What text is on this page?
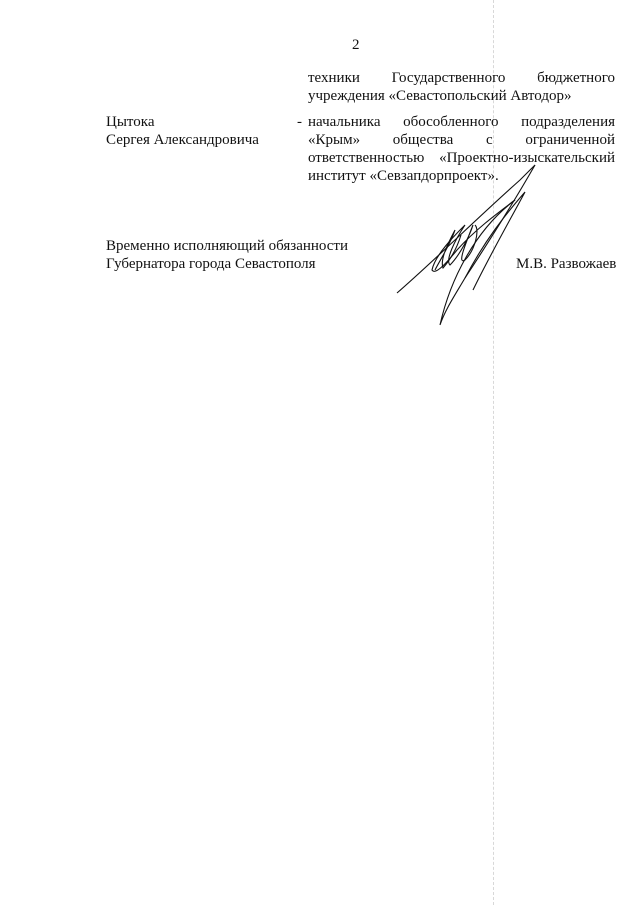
2
техники Государственного бюджетного
учреждения «Севастопольский Автодор»
Цытока
Сергея Александровича
- начальника обособленного подразделения
«Крым» общества с ограниченной
ответственностью «Проектно-изыскательский
институт «Севзапдорпроект».
Временно исполняющий обязанности
Губернатора города Севастополя	М.В. Развожаев
